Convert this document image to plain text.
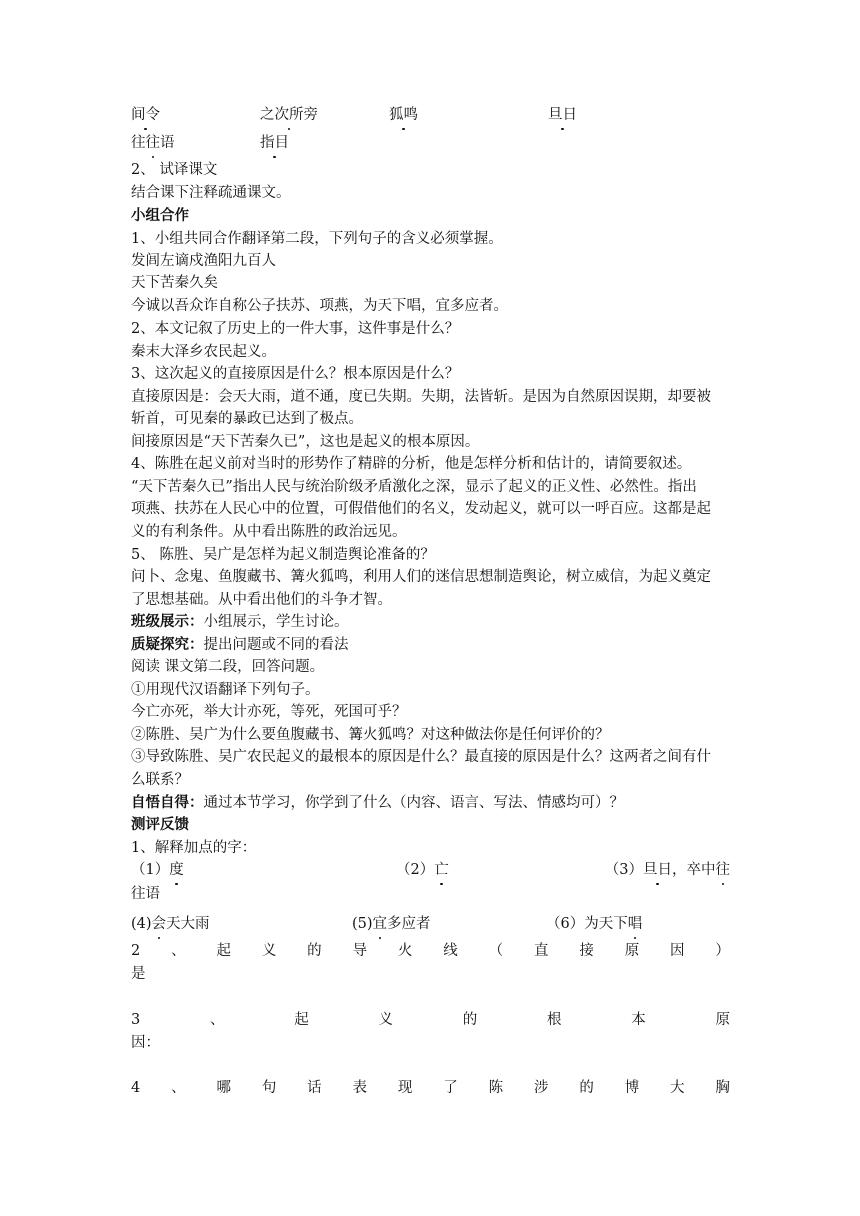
间令	之次所旁	狐鸣	旦日
往往语	指目
2、 试译课文
结合课下注释疏通课文。
小组合作
1、小组共同合作翻译第二段，下列句子的含义必须掌握。
发闾左谪戍渔阳九百人
天下苦秦久矣
今诚以吾众诈自称公子扶苏、项燕，为天下唱，宜多应者。
2、本文记叙了历史上的一件大事，这件事是什么？
秦末大泽乡农民起义。
3、这次起义的直接原因是什么？根本原因是什么？
直接原因是：会天大雨，道不通，度已失期。失期，法皆斩。是因为自然原因误期，却要被
斩首，可见秦的暴政已达到了极点。
间接原因是“天下苦秦久已”，这也是起义的根本原因。
4、陈胜在起义前对当时的形势作了精辟的分析，他是怎样分析和估计的，请简要叙述。
“天下苦秦久已”指出人民与统治阶级矛盾激化之深，显示了起义的正义性、必然性。指出
项燕、扶苏在人民心中的位置，可假借他们的名义，发动起义，就可以一呼百应。这都是起
义的有利条件。从中看出陈胜的政治远见。
5、 陈胜、吴广是怎样为起义制造舆论准备的？
问卜、念鬼、鱼腹藏书、篝火狐鸣，利用人们的迷信思想制造舆论，树立威信，为起义奠定
了思想基础。从中看出他们的斗争才智。
班级展示：小组展示，学生讨论。
质疑探究：提出问题或不同的看法
阅读 课文第二段，回答问题。
①用现代汉语翻译下列句子。
今亡亦死，举大计亦死，等死，死国可乎？
②陈胜、吴广为什么要鱼腹藏书、篝火狐鸣？对这种做法你是任何评价的？
③导致陈胜、吴广农民起义的最根本的原因是什么？最直接的原因是什么？这两者之间有什
么联系？
自悟自得：通过本节学习，你学到了什么（内容、语言、写法、情感均可）？
测评反馈
1、解释加点的字：
（1）度	（2）亡	（3）旦日，卒中往
往语
(4)会天大雨	(5)宜多应者	（6）为天下唱
2 、 起 义 的 导 火 线 （ 直 接 原 因 ）
是
3	、	起	义	的	根	本	原
因：
4 、 哪 句 话 表 现 了 陈 涉 的 博 大 胸
